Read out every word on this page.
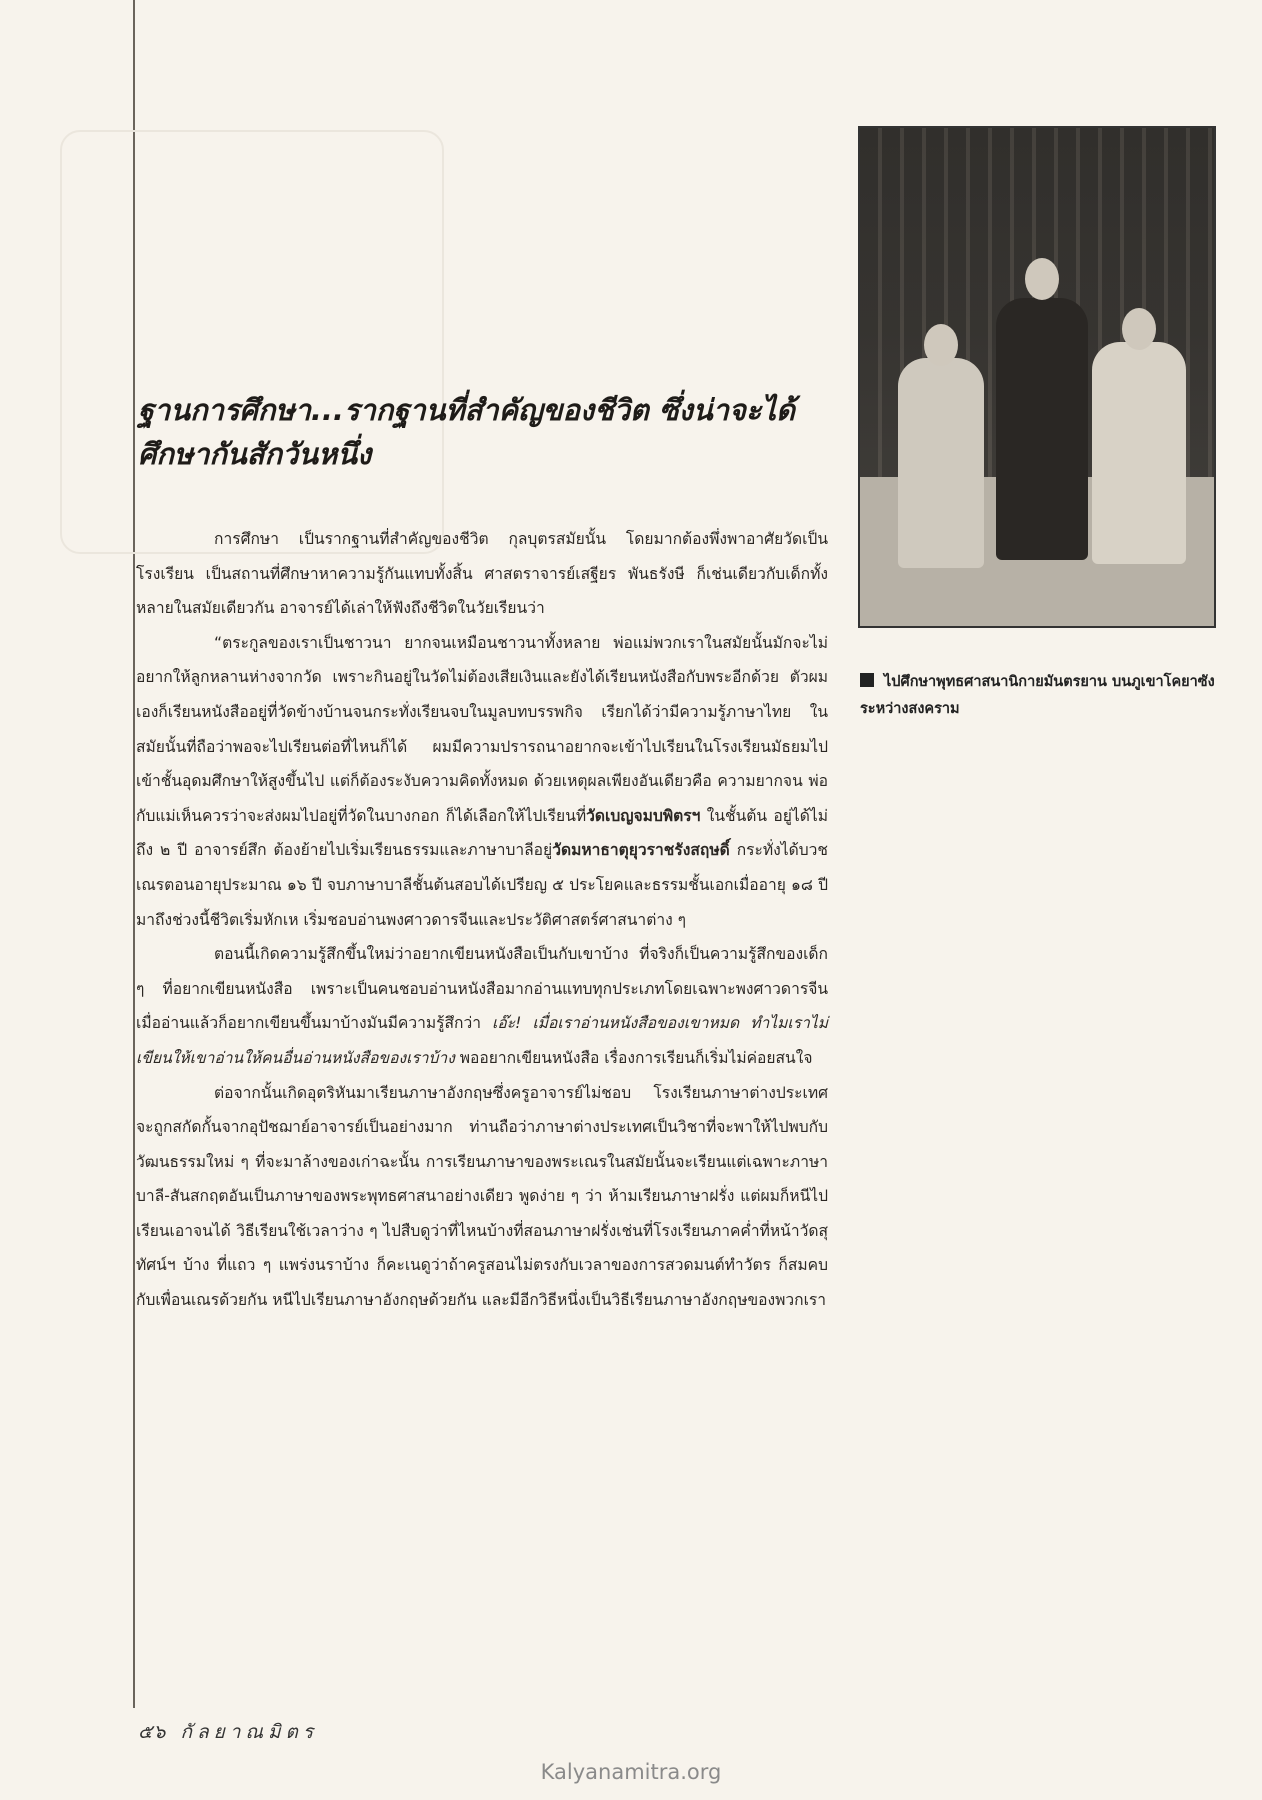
ไปศึกษาพุทธศาสนานิกายมันตรยาน บนภูเขาโคยาซัง ระหว่างสงคราม
ฐานการศึกษา...รากฐานที่สำคัญของชีวิต ซึ่งน่าจะได้ศึกษากันสักวันหนึ่ง

การศึกษา เป็นรากฐานที่สำคัญของชีวิต กุลบุตรสมัยนั้น โดยมากต้องพึ่งพาอาศัยวัดเป็นโรงเรียน เป็นสถานที่ศึกษาหาความรู้กันแทบทั้งสิ้น ศาสตราจารย์เสฐียร พันธรังษี ก็เช่นเดียวกับเด็กทั้งหลายในสมัยเดียวกัน อาจารย์ได้เล่าให้ฟังถึงชีวิตในวัยเรียนว่า

“ตระกูลของเราเป็นชาวนา ยากจนเหมือนชาวนาทั้งหลาย พ่อแม่พวกเราในสมัยนั้นมักจะไม่อยากให้ลูกหลานห่างจากวัด เพราะกินอยู่ในวัดไม่ต้องเสียเงินและยังได้เรียนหนังสือกับพระอีกด้วย ตัวผมเองก็เรียนหนังสืออยู่ที่วัดข้างบ้านจนกระทั่งเรียนจบในมูลบทบรรพกิจ เรียกได้ว่ามีความรู้ภาษาไทย ในสมัยนั้นที่ถือว่าพอจะไปเรียนต่อที่ไหนก็ได้ ผมมีความปรารถนาอยากจะเข้าไปเรียนในโรงเรียนมัธยมไปเข้าชั้นอุดมศึกษาให้สูงขึ้นไป แต่ก็ต้องระงับความคิดทั้งหมด ด้วยเหตุผลเพียงอันเดียวคือ ความยากจน พ่อกับแม่เห็นควรว่าจะส่งผมไปอยู่ที่วัดในบางกอก ก็ได้เลือกให้ไปเรียนที่วัดเบญจมบพิตรฯ ในชั้นต้น อยู่ได้ไม่ถึง ๒ ปี อาจารย์สึก ต้องย้ายไปเริ่มเรียนธรรมและภาษาบาลีอยู่วัดมหาธาตุยุวราชรังสฤษดิ์ กระทั่งได้บวชเณรตอนอายุประมาณ ๑๖ ปี จบภาษาบาลีชั้นต้นสอบได้เปรียญ ๕ ประโยคและธรรมชั้นเอกเมื่ออายุ ๑๘ ปี มาถึงช่วงนี้ชีวิตเริ่มหักเห เริ่มชอบอ่านพงศาวดารจีนและประวัติศาสตร์ศาสนาต่าง ๆ

ตอนนี้เกิดความรู้สึกขึ้นใหม่ว่าอยากเขียนหนังสือเป็นกับเขาบ้าง ที่จริงก็เป็นความรู้สึกของเด็ก ๆ ที่อยากเขียนหนังสือ เพราะเป็นคนชอบอ่านหนังสือมากอ่านแทบทุกประเภทโดยเฉพาะพงศาวดารจีน เมื่ออ่านแล้วก็อยากเขียนขึ้นมาบ้างมันมีความรู้สึกว่า เอ๊ะ! เมื่อเราอ่านหนังสือของเขาหมด ทำไมเราไม่เขียนให้เขาอ่านให้คนอื่นอ่านหนังสือของเราบ้าง พออยากเขียนหนังสือ เรื่องการเรียนก็เริ่มไม่ค่อยสนใจ

ต่อจากนั้นเกิดอุตริหันมาเรียนภาษาอังกฤษซึ่งครูอาจารย์ไม่ชอบ โรงเรียนภาษาต่างประเทศจะถูกสกัดกั้นจากอุปัชฌาย์อาจารย์เป็นอย่างมาก ท่านถือว่าภาษาต่างประเทศเป็นวิชาที่จะพาให้ไปพบกับวัฒนธรรมใหม่ ๆ ที่จะมาล้างของเก่าฉะนั้น การเรียนภาษาของพระเณรในสมัยนั้นจะเรียนแต่เฉพาะภาษาบาลี-สันสกฤตอันเป็นภาษาของพระพุทธศาสนาอย่างเดียว พูดง่าย ๆ ว่า ห้ามเรียนภาษาฝรั่ง แต่ผมก็หนีไปเรียนเอาจนได้ วิธีเรียนใช้เวลาว่าง ๆ ไปสืบดูว่าที่ไหนบ้างที่สอนภาษาฝรั่งเช่นที่โรงเรียนภาคค่ำที่หน้าวัดสุทัศน์ฯ บ้าง ที่แถว ๆ แพร่งนราบ้าง ก็คะเนดูว่าถ้าครูสอนไม่ตรงกับเวลาของการสวดมนต์ทำวัตร ก็สมคบกับเพื่อนเณรด้วยกัน หนีไปเรียนภาษาอังกฤษด้วยกัน และมีอีกวิธีหนึ่งเป็นวิธีเรียนภาษาอังกฤษของพวกเรา

๕๖ กัลยาณมิตร
Kalyanamitra.org
